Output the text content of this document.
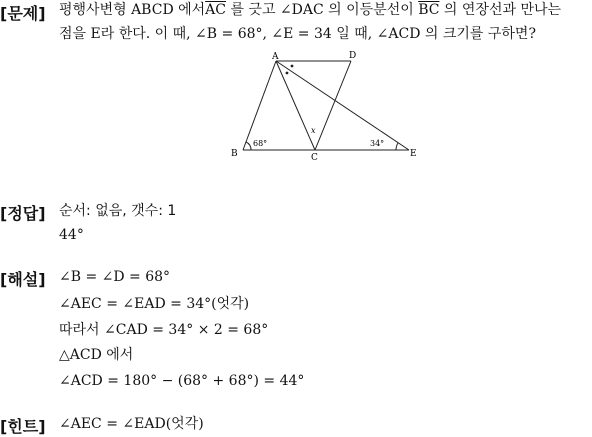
[문제] 평행사변형 ABCD 에서$\overline{AC}$ 를 긋고 ∠DAC 의 이등분선이 $\overline{BC}$ 의 연장선과 만나는
점을 E라 한다. 이 때, ∠B = 68°, ∠E = 34 일 때, ∠ACD 의 크기를 구하면?
A	D
B	C	E
68°	34°
x
[정답] 순서: 없음, 갯수: 1
44°
[해설] ∠B = ∠D = 68°
∠AEC = ∠EAD = 34°(엇각)
따라서 ∠CAD = 34° × 2 = 68°
△ACD 에서
∠ACD = 180° − (68° + 68°) = 44°
[힌트] ∠AEC = ∠EAD(엇각)
